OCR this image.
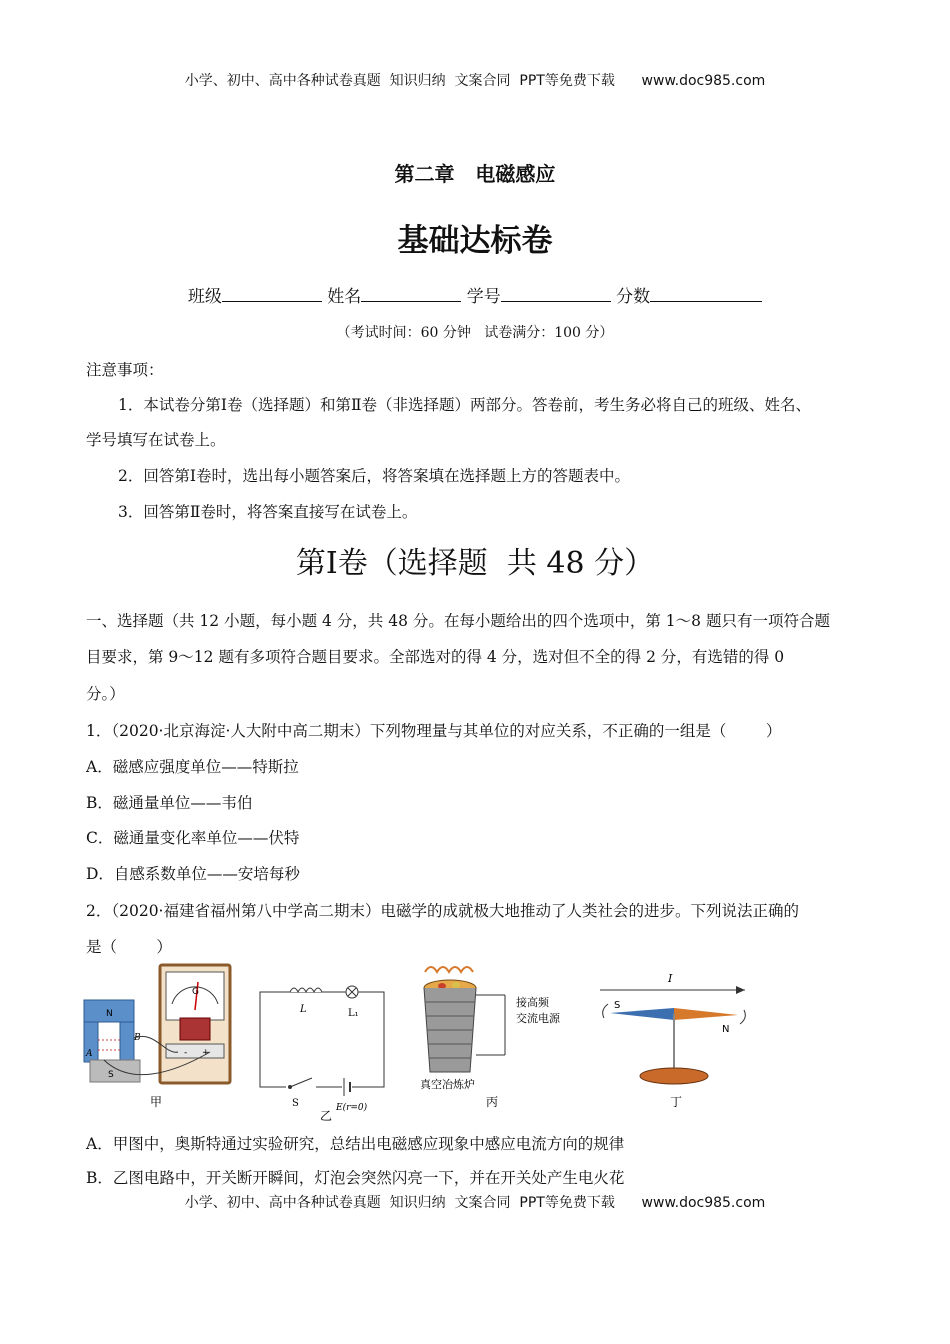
小学、初中、高中各种试卷真题  知识归纳  文案合同  PPT等免费下载 www.doc985.com
第二章   电磁感应
基础达标卷
班级	姓名	学号	分数
（考试时间：60 分钟   试卷满分：100 分）
注意事项：
1．本试卷分第Ⅰ卷（选择题）和第Ⅱ卷（非选择题）两部分。答卷前，考生务必将自己的班级、姓名、
学号填写在试卷上。
2．回答第Ⅰ卷时，选出每小题答案后，将答案填在选择题上方的答题表中。
3．回答第Ⅱ卷时，将答案直接写在试卷上。
第Ⅰ卷（选择题  共 48 分）
一、选择题（共 12 小题，每小题 4 分，共 48 分。在每小题给出的四个选项中，第 1～8 题只有一项符合题
目要求，第 9～12 题有多项符合题目要求。全部选对的得 4 分，选对但不全的得 2 分，有选错的得 0
分。）
1．（2020·北京海淀·人大附中高二期末）下列物理量与其单位的对应关系，不正确的一组是（        ）
A．磁感应强度单位——特斯拉
B．磁通量单位——韦伯
C．磁通量变化率单位——伏特
D．自感系数单位——安培每秒
2．（2020·福建省福州第八中学高二期末）电磁学的成就极大地推动了人类社会的进步。下列说法正确的
是（        ）
G
- +
N
S
A
B
甲
L	L₁
S	E(r=0)
乙
接高频
交流电源
真空冶炼炉
丙
I
S
N
丁
A．甲图中，奥斯特通过实验研究，总结出电磁感应现象中感应电流方向的规律
B．乙图电路中，开关断开瞬间，灯泡会突然闪亮一下，并在开关处产生电火花
小学、初中、高中各种试卷真题  知识归纳  文案合同  PPT等免费下载 www.doc985.com
